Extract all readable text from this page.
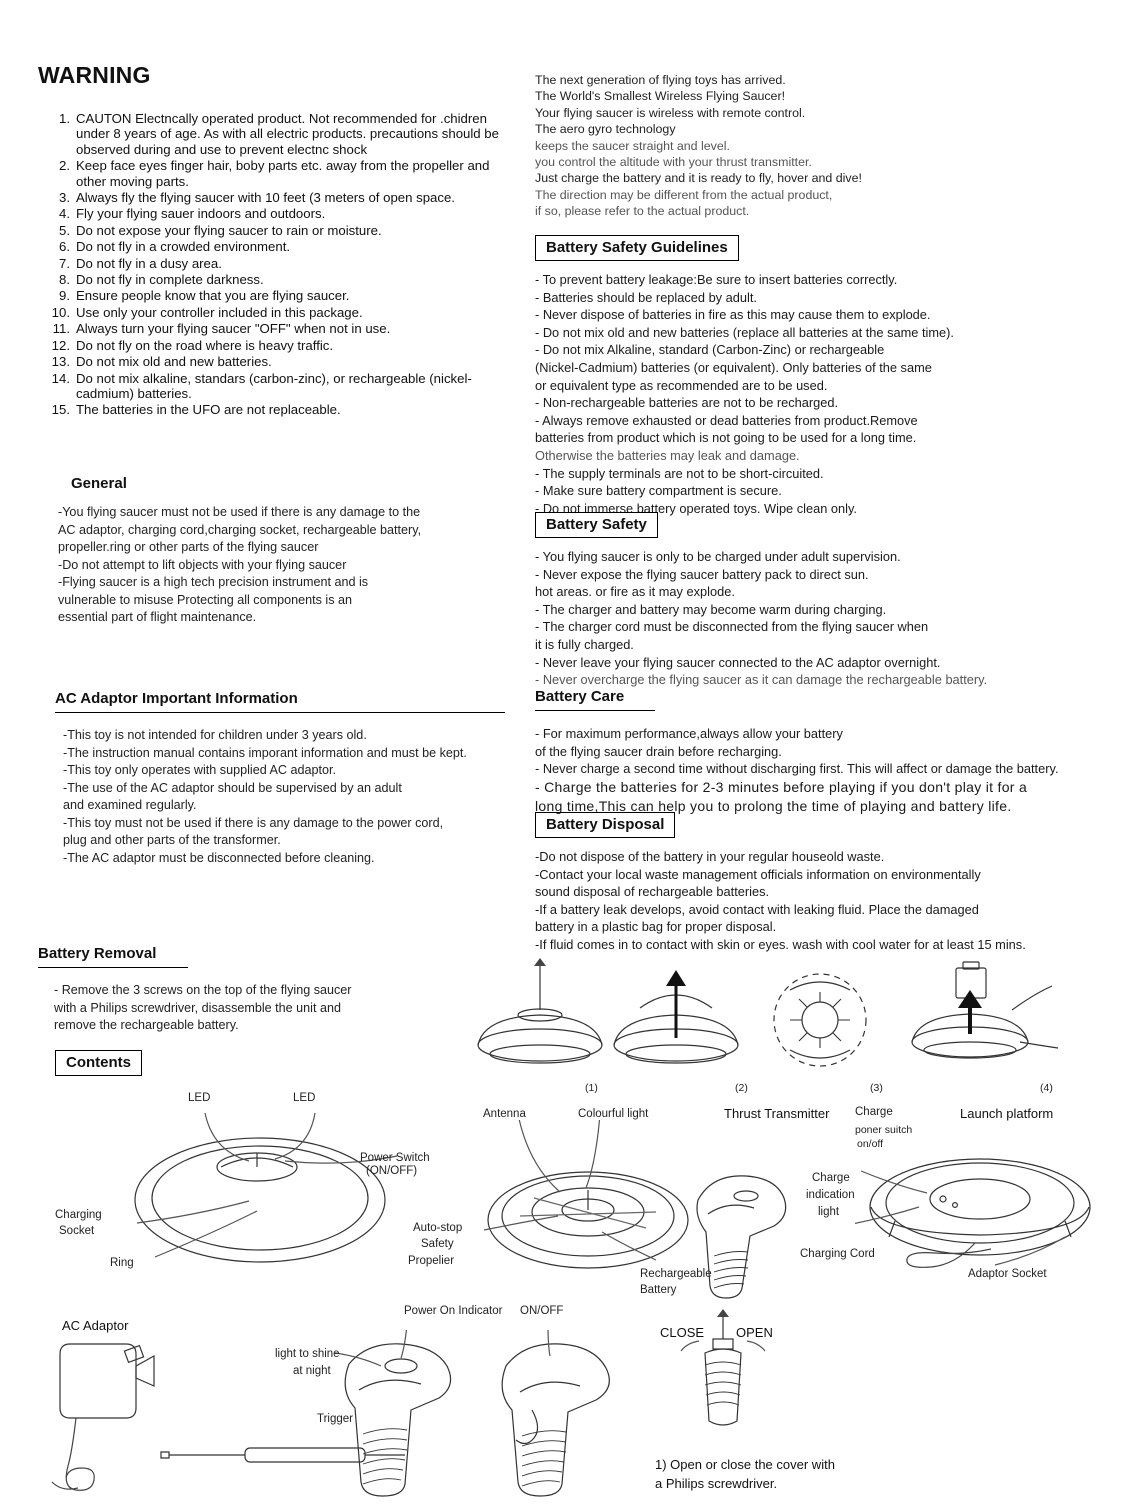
WARNING
CAUTON Electncally operated product. Not recommended for .chidren under 8 years of age. As with all electric products. precautions should be observed during and use to prevent electnc shock
Keep face eyes finger hair, boby parts etc. away from the propeller and other moving parts.
Always fly the flying saucer with 10 feet (3 meters of open space.
Fly your flying sauer indoors and outdoors.
Do not expose your flying saucer to rain or moisture.
Do not fly in a crowded environment.
Do not fly in a dusy area.
Do not fly in complete darkness.
Ensure people know that you are flying saucer.
Use only your controller included in this package.
Always turn your flying saucer "OFF" when not in use.
Do not fly on the road where is heavy traffic.
Do not mix old and new batteries.
Do not mix alkaline, standars (carbon-zinc), or rechargeable (nickel-cadmium) batteries.
The batteries in the UFO are not replaceable.
General
-You flying saucer must not be used if there is any damage to the
AC adaptor, charging cord,charging socket, rechargeable battery,
propeller.ring or other parts of the flying saucer
-Do not attempt to lift objects with your flying saucer
-Flying saucer is a high tech precision instrument and is
vulnerable to misuse Protecting all components is an
essential part of flight maintenance.
AC Adaptor Important Information
-This toy is not intended for children under 3 years old.
-The instruction manual contains imporant information and must be kept.
-This toy only operates with supplied AC adaptor.
-The use of the AC adaptor should be supervised by an adult
and examined regularly.
-This toy must not be used if there is any damage to the power cord,
plug and other parts of the transformer.
-The AC adaptor must be disconnected before cleaning.
Battery Removal
- Remove the 3 screws on the top of the flying saucer
with a Philips screwdriver, disassemble the unit and
remove the rechargeable battery.
Contents
The next generation of flying toys has arrived.
The World's Smallest Wireless Flying Saucer!
Your flying saucer is wireless with remote control.
The aero gyro technology
keeps the saucer straight and level.
you control the altitude with your thrust transmitter.
Just charge the battery and it is ready to fly, hover and dive!
The direction may be different from the actual product,
if so, please refer to the actual product.
Battery Safety Guidelines
- To prevent battery leakage:Be sure to insert batteries correctly.
- Batteries should be replaced by adult.
- Never dispose of batteries in fire as this may cause them to explode.
- Do not mix old and new batteries (replace all batteries at the same time).
- Do not mix Alkaline, standard (Carbon-Zinc) or rechargeable
(Nickel-Cadmium) batteries (or equivalent). Only batteries of the same
or equivalent type as recommended are to be used.
- Non-rechargeable batteries are not to be recharged.
- Always remove exhausted or dead batteries from product.Remove
batteries from product which is not going to be used for a long time.
Otherwise the batteries may leak and damage.
- The supply terminals are not to be short-circuited.
- Make sure battery compartment is secure.
- Do not immerse battery operated toys. Wipe clean only.
Battery Safety
- You flying saucer is only to be charged under adult supervision.
- Never expose the flying saucer battery pack to direct sun.
hot areas. or fire as it may explode.
- The charger and battery may become warm during charging.
- The charger cord must be disconnected from the flying saucer when
it is fully charged.
- Never leave your flying saucer connected to the AC adaptor overnight.
- Never overcharge the flying saucer as it can damage the rechargeable battery.
Battery Care
- For maximum performance,always allow your battery
of the flying saucer drain before recharging.
- Never charge a second time without discharging first. This will affect or damage the battery.
- Charge the batteries for 2-3 minutes before playing if you don't play it for a
long time,This can help you to prolong the time of playing and battery life.
Battery Disposal
-Do not dispose of the battery in your regular houseold waste.
-Contact your local waste management officials information on environmentally
sound disposal of rechargeable batteries.
-If a battery leak develops, avoid contact with leaking fluid. Place the damaged
battery in a plastic bag for proper disposal.
-If fluid comes in to contact with skin or eyes. wash with cool water for at least 15 mins.
(1)	(2)	(3)	(4)
LED	LED
Power Switch
(ON/OFF)
Charging
Socket
Ring
Antenna	Colourful light
Auto-stop
Safety
Propelier
Rechargeable
Battery
Thrust Transmitter Charge
poner suitch
on/off
Launch platform
Charge
indication
light
Charging Cord
Adaptor Socket
AC Adaptor
Power On Indicator ON/OFF
light to shine
at night
Trigger
CLOSE OPEN
1) Open or close the cover with
a Philips screwdriver.
